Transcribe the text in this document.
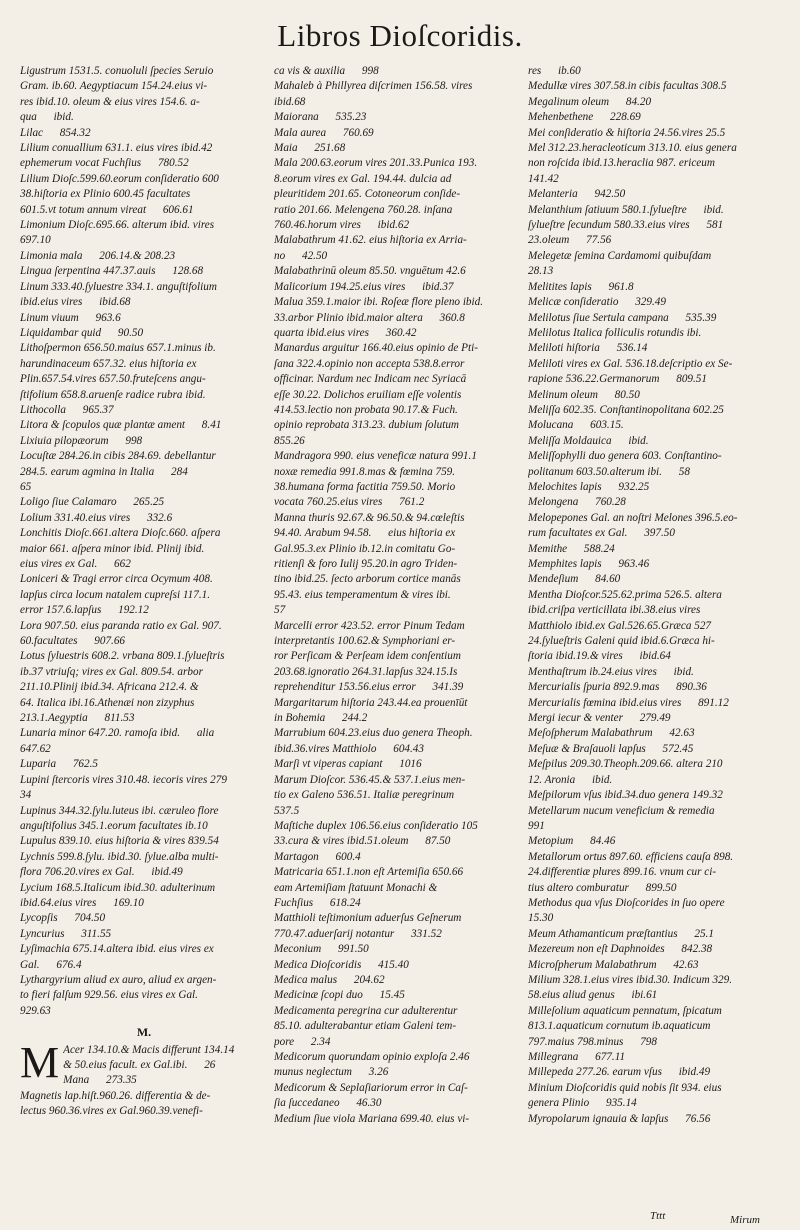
Libros Dioſcoridis.
Ligustrum 1531.5. conuoluli ſpecies Seruio
Gram. ib.60. Aegyptiacum 154.24.eius vi-
res ibid.10. oleum & eius vires 154.6. a-
qua   ibid.
Lilac   854.32
Lilium conuallium 631.1. eius vires ibid.42
ephemerum vocat Fuchſius   780.52
Lilium Dioſc.599.60.eorum conſideratio 600
38.hiſtoria ex Plinio 600.45 facultates
601.5.vt totum annum vireat   606.61
Limonium Dioſc.695.66. alterum ibid. vires
697.10
Limonia mala   206.14.& 208.23
Lingua ſerpentina 447.37.auis   128.68
Linum 333.40.ſyluestre 334.1. anguſtifolium
ibid.eius vires   ibid.68
Linum viuum   963.6
Liquidambar quid   90.50
Lithoſpermon 656.50.maius 657.1.minus ib.
harundinaceum 657.32. eius hiſtoria ex
Plin.657.54.vires 657.50.fruteſcens angu-
ſtifolium 658.8.aruenſe radice rubra ibid.
Lithocolla   965.37
Litora & ſcopulos quæ plantæ ament   8.41
Lixiuia pilopæorum   998
Locuſtæ 284.26.in cibis 284.69. debellantur
284.5. earum agmina in Italia   284
65
Loligo ſiue Calamaro   265.25
Lolium 331.40.eius vires   332.6
Lonchitis Dioſc.661.altera Dioſc.660. aſpera
maior 661. aſpera minor ibid. Plinij ibid.
eius vires ex Gal.   662
Loniceri & Tragi error circa Ocymum 408.
lapſus circa locum natalem cupreſsi 117.1.
error 157.6.lapſus   192.12
Lora 907.50. eius paranda ratio ex Gal. 907.
60.facultates   907.66
Lotus ſyluestris 608.2. vrbana 809.1.ſylueſtris
ib.37 vtriuſq; vires ex Gal. 809.54. arbor
211.10.Plinij ibid.34. Africana 212.4. &
64. Italica ibi.16.Athenæi non zizyphus
213.1.Aegyptia   811.53
Lunaria minor 647.20. ramoſa ibid.   alia
647.62
Luparia   762.5
Lupini ſtercoris vires 310.48. iecoris vires 279
34
Lupinus 344.32.ſylu.luteus ibi. cæruleo flore
anguſtifolius 345.1.eorum facultates ib.10
Lupulus 839.10. eius hiſtoria & vires 839.54
Lychnis 599.8.ſylu. ibid.30. ſylue.alba multi-
flora 706.20.vires ex Gal.   ibid.49
Lycium 168.5.Italicum ibid.30. adulterinum
ibid.64.eius vires   169.10
Lycopſis   704.50
Lyncurius   311.55
Lyſimachia 675.14.altera ibid. eius vires ex
Gal.   676.4
Lythargyrium aliud ex auro, aliud ex argen-
to fieri falſum 929.56. eius vires ex Gal.
929.63
M.
M Acer 134.10.& Macis differunt 134.14
& 50.eius facult. ex Gal.ibi.   26
Mana   273.35
Magnetis lap.hiſt.960.26. differentia & de-
lectus 960.36.vires ex Gal.960.39.venefi-
ca vis & auxilia   998
Mahaleb à Phillyrea diſcrimen 156.58. vires
ibid.68
Maiorana   535.23
Mala aurea   760.69
Maia   251.68
Mala 200.63.eorum vires 201.33.Punica 193.
8.eorum vires ex Gal. 194.44. dulcia ad
pleuritidem 201.65. Cotoneorum conſide-
ratio 201.66. Melengena 760.28. inſana
760.46.horum vires   ibid.62
Malabathrum 41.62. eius hiſtoria ex Arria-
no   42.50
Malabathrinū oleum 85.50. vnguētum 42.6
Malicorium 194.25.eius vires   ibid.37
Malua 359.1.maior ibi. Roſeæ flore pleno ibid.
33.arbor Plinio ibid.maior altera   360.8
quarta ibid.eius vires   360.42
Manardus arguitur 166.40.eius opinio de Pti-
ſana 322.4.opinio non accepta 538.8.error
officinar. Nardum nec Indicam nec Syriacā
eſſe 30.22. Dolichos eruiliam eſſe volentis
414.53.lectio non probata 90.17.& Fuch.
opinio reprobata 313.23. dubium ſolutum
855.26
Mandragora 990. eius veneficæ natura 991.1
noxæ remedia 991.8.mas & fœmina 759.
38.humana forma factitia 759.50. Morio
vocata 760.25.eius vires   761.2
Manna thuris 92.67.& 96.50.& 94.cœleſtis
94.40. Arabum 94.58.   eius hiſtoria ex
Gal.95.3.ex Plinio ib.12.in comitatu Go-
ritienſi & foro Iulij 95.20.in agro Triden-
tino ibid.25. ſecto arborum cortice manās
95.43. eius temperamentum & vires ibi.
57
Marcelli error 423.52. error Pinum Tedam
interpretantis 100.62.& Symphoriani er-
ror Perſicam & Perſeam idem conſentium
203.68.ignoratio 264.31.lapſus 324.15.Is
reprehenditur 153.56.eius error   341.39
Margaritarum hiſtoria 243.44.ea prouenīūt
in Bohemia   244.2
Marrubium 604.23.eius duo genera Theoph.
ibid.36.vires Matthiolo   604.43
Marſi vt viperas capiant   1016
Marum Dioſcor. 536.45.& 537.1.eius men-
tio ex Galeno 536.51. Italiæ peregrinum
537.5
Maſtiche duplex 106.56.eius conſideratio 105
33.cura & vires ibid.51.oleum   87.50
Martagon   600.4
Matricaria 651.1.non eſt Artemiſia 650.66
eam Artemiſiam ſtatuunt Monachi &
Fuchſius   618.24
Matthioli teſtimonium aduerſus Geſnerum
770.47.aduerſarij notantur   331.52
Meconium   991.50
Medica Dioſcoridis   415.40
Medica malus   204.62
Medicinæ ſcopi duo   15.45
Medicamenta peregrina cur adulterentur
85.10. adulterabantur etiam Galeni tem-
pore   2.34
Medicorum quorundam opinio exploſa 2.46
munus neglectum   3.26
Medicorum & Seplaſiariorum error in Caſ-
ſia ſuccedaneo   46.30
Medium ſiue viola Mariana 699.40. eius vi-
res   ib.60
Medullæ vires 307.58.in cibis facultas 308.5
Megalinum oleum   84.20
Mehenbethene   228.69
Mei conſideratio & hiſtoria 24.56.vires 25.5
Mel 312.23.heracleoticum 313.10. eius genera
non roſcida ibid.13.heraclia 987. ericeum
141.42
Melanteria   942.50
Melanthium ſatiuum 580.1.ſylueſtre   ibid.
ſylueſtre ſecundum 580.33.eius vires   581
23.oleum   77.56
Melegetæ ſemina Cardamomi quibuſdam
28.13
Melitites lapis   961.8
Melicæ conſideratio   329.49
Melilotus ſiue Sertula campana   535.39
Melilotus Italica folliculis rotundis ibi.
Meliloti hiſtoria   536.14
Meliloti vires ex Gal. 536.18.deſcriptio ex Se-
rapione 536.22.Germanorum   809.51
Melinum oleum   80.50
Meliſſa 602.35. Conſtantinopolitana 602.25
Molucana   603.15.
Meliſſa Moldauica   ibid.
Meliſſophylli duo genera 603. Conſtantino-
politanum 603.50.alterum ibi.   58
Melochites lapis   932.25
Melongena   760.28
Melopepones Gal. an noſtri Melones 396.5.eo-
rum facultates ex Gal.   397.50
Memithe   588.24
Memphites lapis   963.46
Mendeſium   84.60
Mentha Dioſcor.525.62.prima 526.5. altera
ibid.criſpa verticillata ibi.38.eius vires
Matthiolo ibid.ex Gal.526.65.Græca 527
24.ſylueſtris Galeni quid ibid.6.Græca hi-
ſtoria ibid.19.& vires   ibid.64
Menthaſtrum ib.24.eius vires   ibid.
Mercurialis ſpuria 892.9.mas   890.36
Mercurialis fœmina ibid.eius vires   891.12
Mergi iecur & venter   279.49
Meſoſpherum Malabathrum   42.63
Meſuæ & Braſauoli lapſus   572.45
Meſpilus 209.30.Theoph.209.66. altera 210
12. Aronia   ibid.
Meſpilorum vſus ibid.34.duo genera 149.32
Metellarum nucum veneficium & remedia
991
Metopium   84.46
Metallorum ortus 897.60. efficiens cauſa 898.
24.differentiæ plures 899.16. vnum cur ci-
tius altero comburatur   899.50
Methodus qua vſus Dioſcorides in ſuo opere
15.30
Meum Athamanticum præſtantius   25.1
Mezereum non eſt Daphnoides   842.38
Microſpherum Malabathrum   42.63
Milium 328.1.eius vires ibid.30. Indicum 329.
58.eius aliud genus   ibi.61
Milleſolium aquaticum pennatum, ſpicatum
813.1.aquaticum cornutum ib.aquaticum
797.maius 798.minus   798
Millegrana   677.11
Millepeda 277.26. earum vſus   ibid.49
Minium Dioſcoridis quid nobis ſit 934. eius
genera Plinio   935.14
Myropolarum ignauia & lapſus   76.56
Tttt	Mirum
